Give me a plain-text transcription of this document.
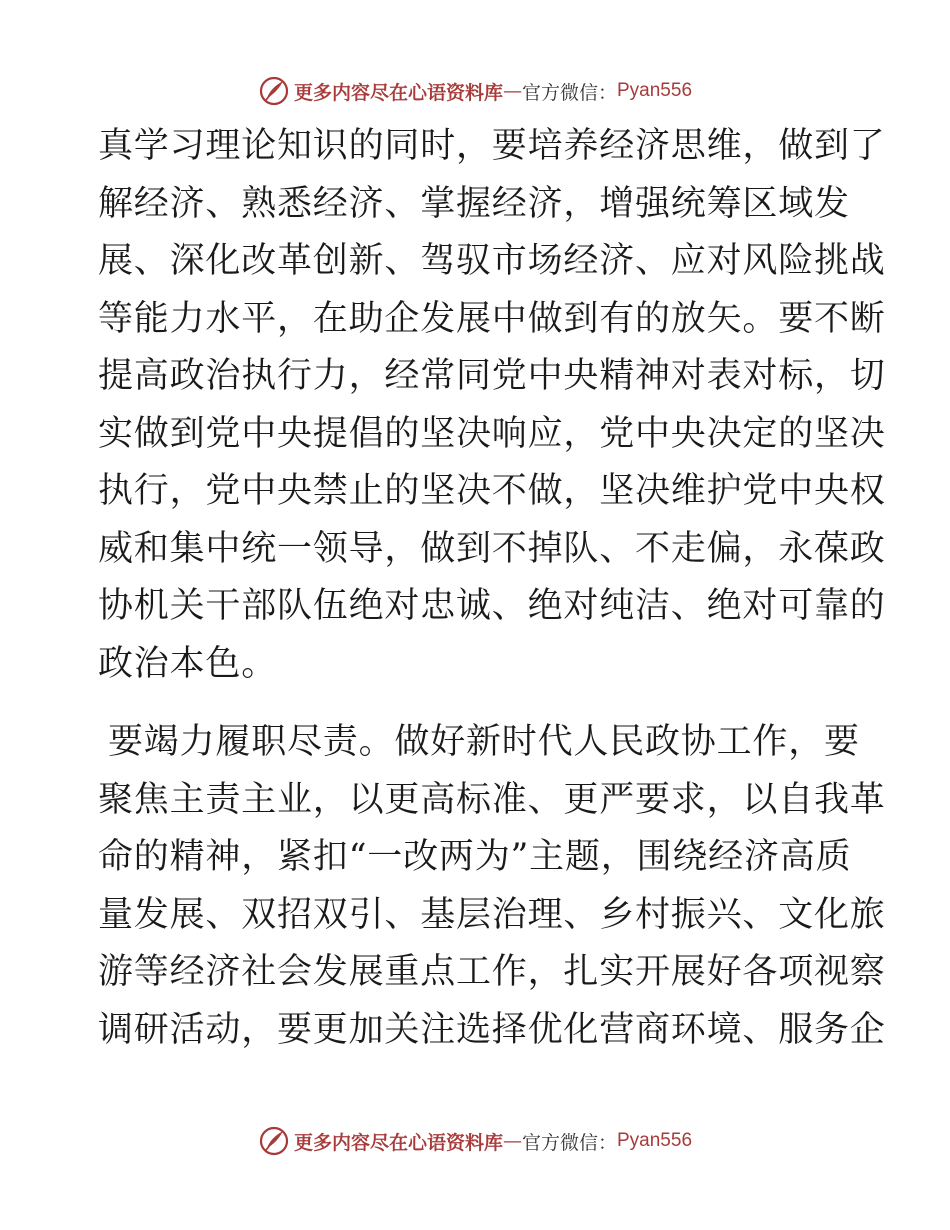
更多内容尽在心语资料库 — 官方微信： Pyan556
真学习理论知识的同时，要培养经济思维，做到了
解经济、熟悉经济、掌握经济，增强统筹区域发
展、深化改革创新、驾驭市场经济、应对风险挑战
等能力水平，在助企发展中做到有的放矢。要不断
提高政治执行力，经常同党中央精神对表对标，切
实做到党中央提倡的坚决响应，党中央决定的坚决
执行，党中央禁止的坚决不做，坚决维护党中央权
威和集中统一领导，做到不掉队、不走偏，永葆政
协机关干部队伍绝对忠诚、绝对纯洁、绝对可靠的
政治本色。
要竭力履职尽责。做好新时代人民政协工作，要
聚焦主责主业，以更高标准、更严要求，以自我革
命的精神，紧扣“一改两为”主题，围绕经济高质
量发展、双招双引、基层治理、乡村振兴、文化旅
游等经济社会发展重点工作，扎实开展好各项视察
调研活动，要更加关注选择优化营商环境、服务企
更多内容尽在心语资料库 — 官方微信： Pyan556
